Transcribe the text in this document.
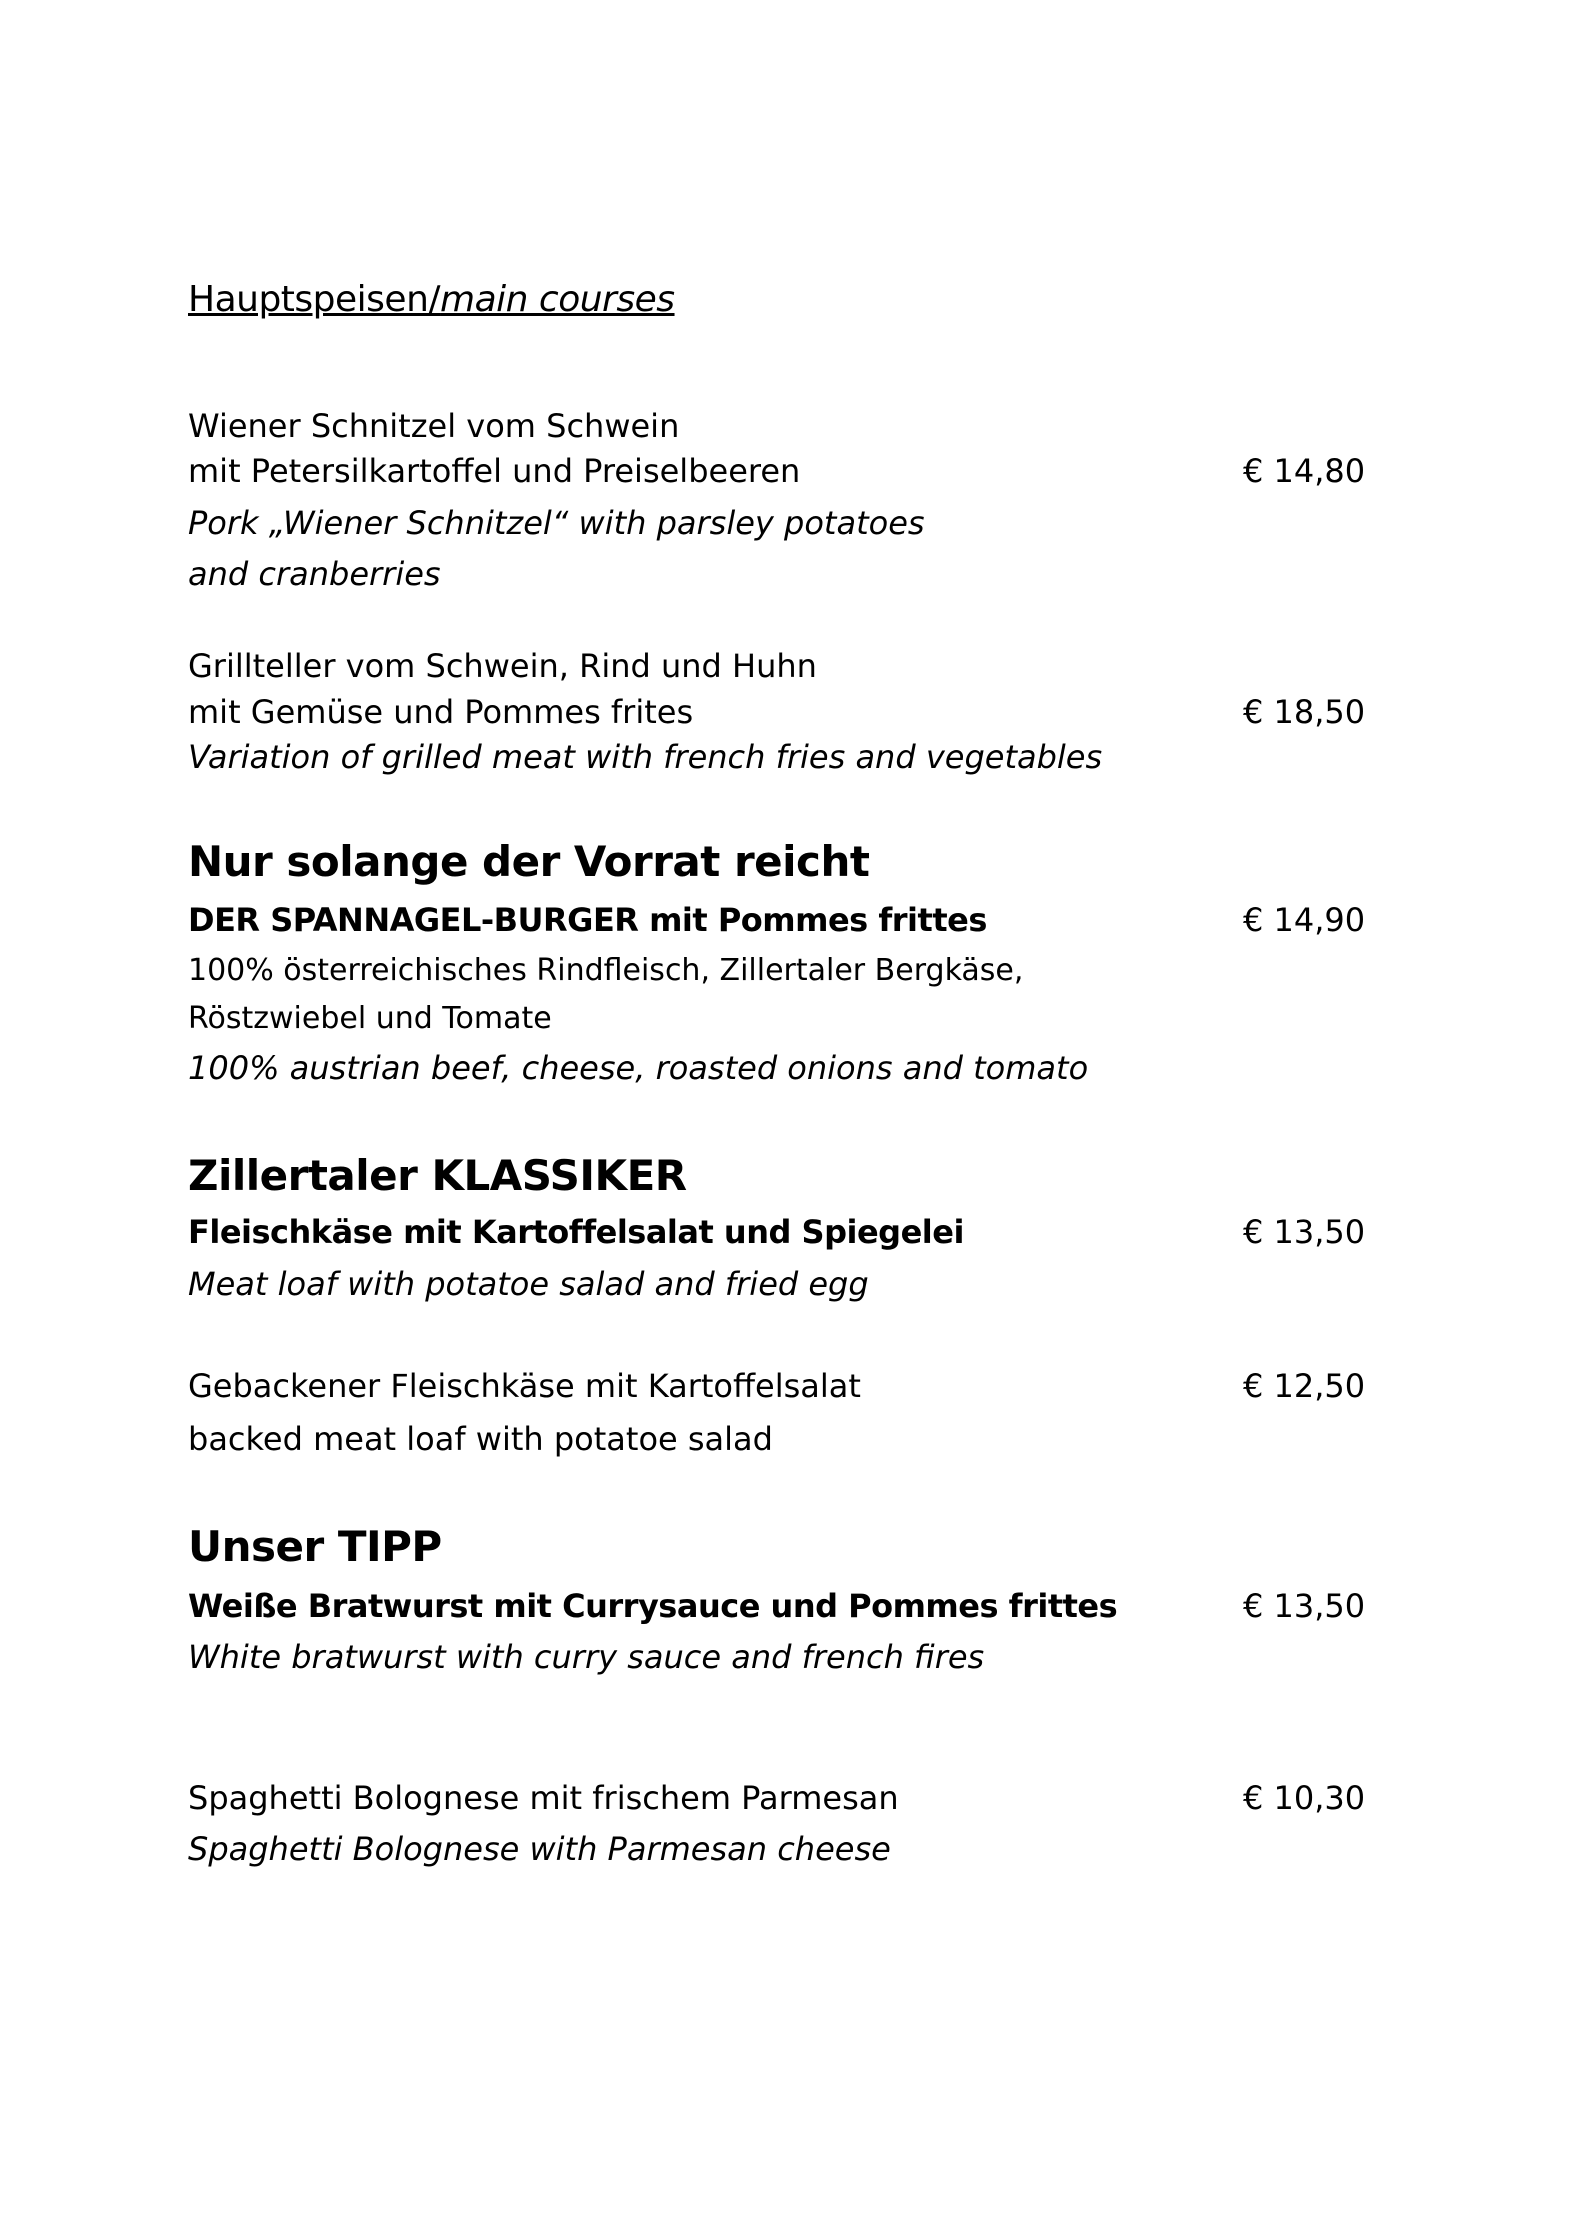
Hauptspeisen/main courses
Wiener Schnitzel vom Schwein
mit Petersilkartoffel und Preiselbeeren	€ 14,80
Pork „Wiener Schnitzel“ with parsley potatoes
and cranberries
Grillteller vom Schwein, Rind und Huhn
mit Gemüse und Pommes frites	€ 18,50
Variation of grilled meat with french fries and vegetables
Nur solange der Vorrat reicht
DER SPANNAGEL-BURGER mit Pommes frittes	€ 14,90
100% österreichisches Rindfleisch, Zillertaler Bergkäse,
Röstzwiebel und Tomate
100% austrian beef, cheese, roasted onions and tomato
Zillertaler KLASSIKER
Fleischkäse mit Kartoffelsalat und Spiegelei	€ 13,50
Meat loaf with potatoe salad and fried egg
Gebackener Fleischkäse mit Kartoffelsalat	€ 12,50
backed meat loaf with potatoe salad
Unser TIPP
Weiße Bratwurst mit Currysauce und Pommes frittes	€ 13,50
White bratwurst with curry sauce and french fires
Spaghetti Bolognese mit frischem Parmesan	€ 10,30
Spaghetti Bolognese with Parmesan cheese
